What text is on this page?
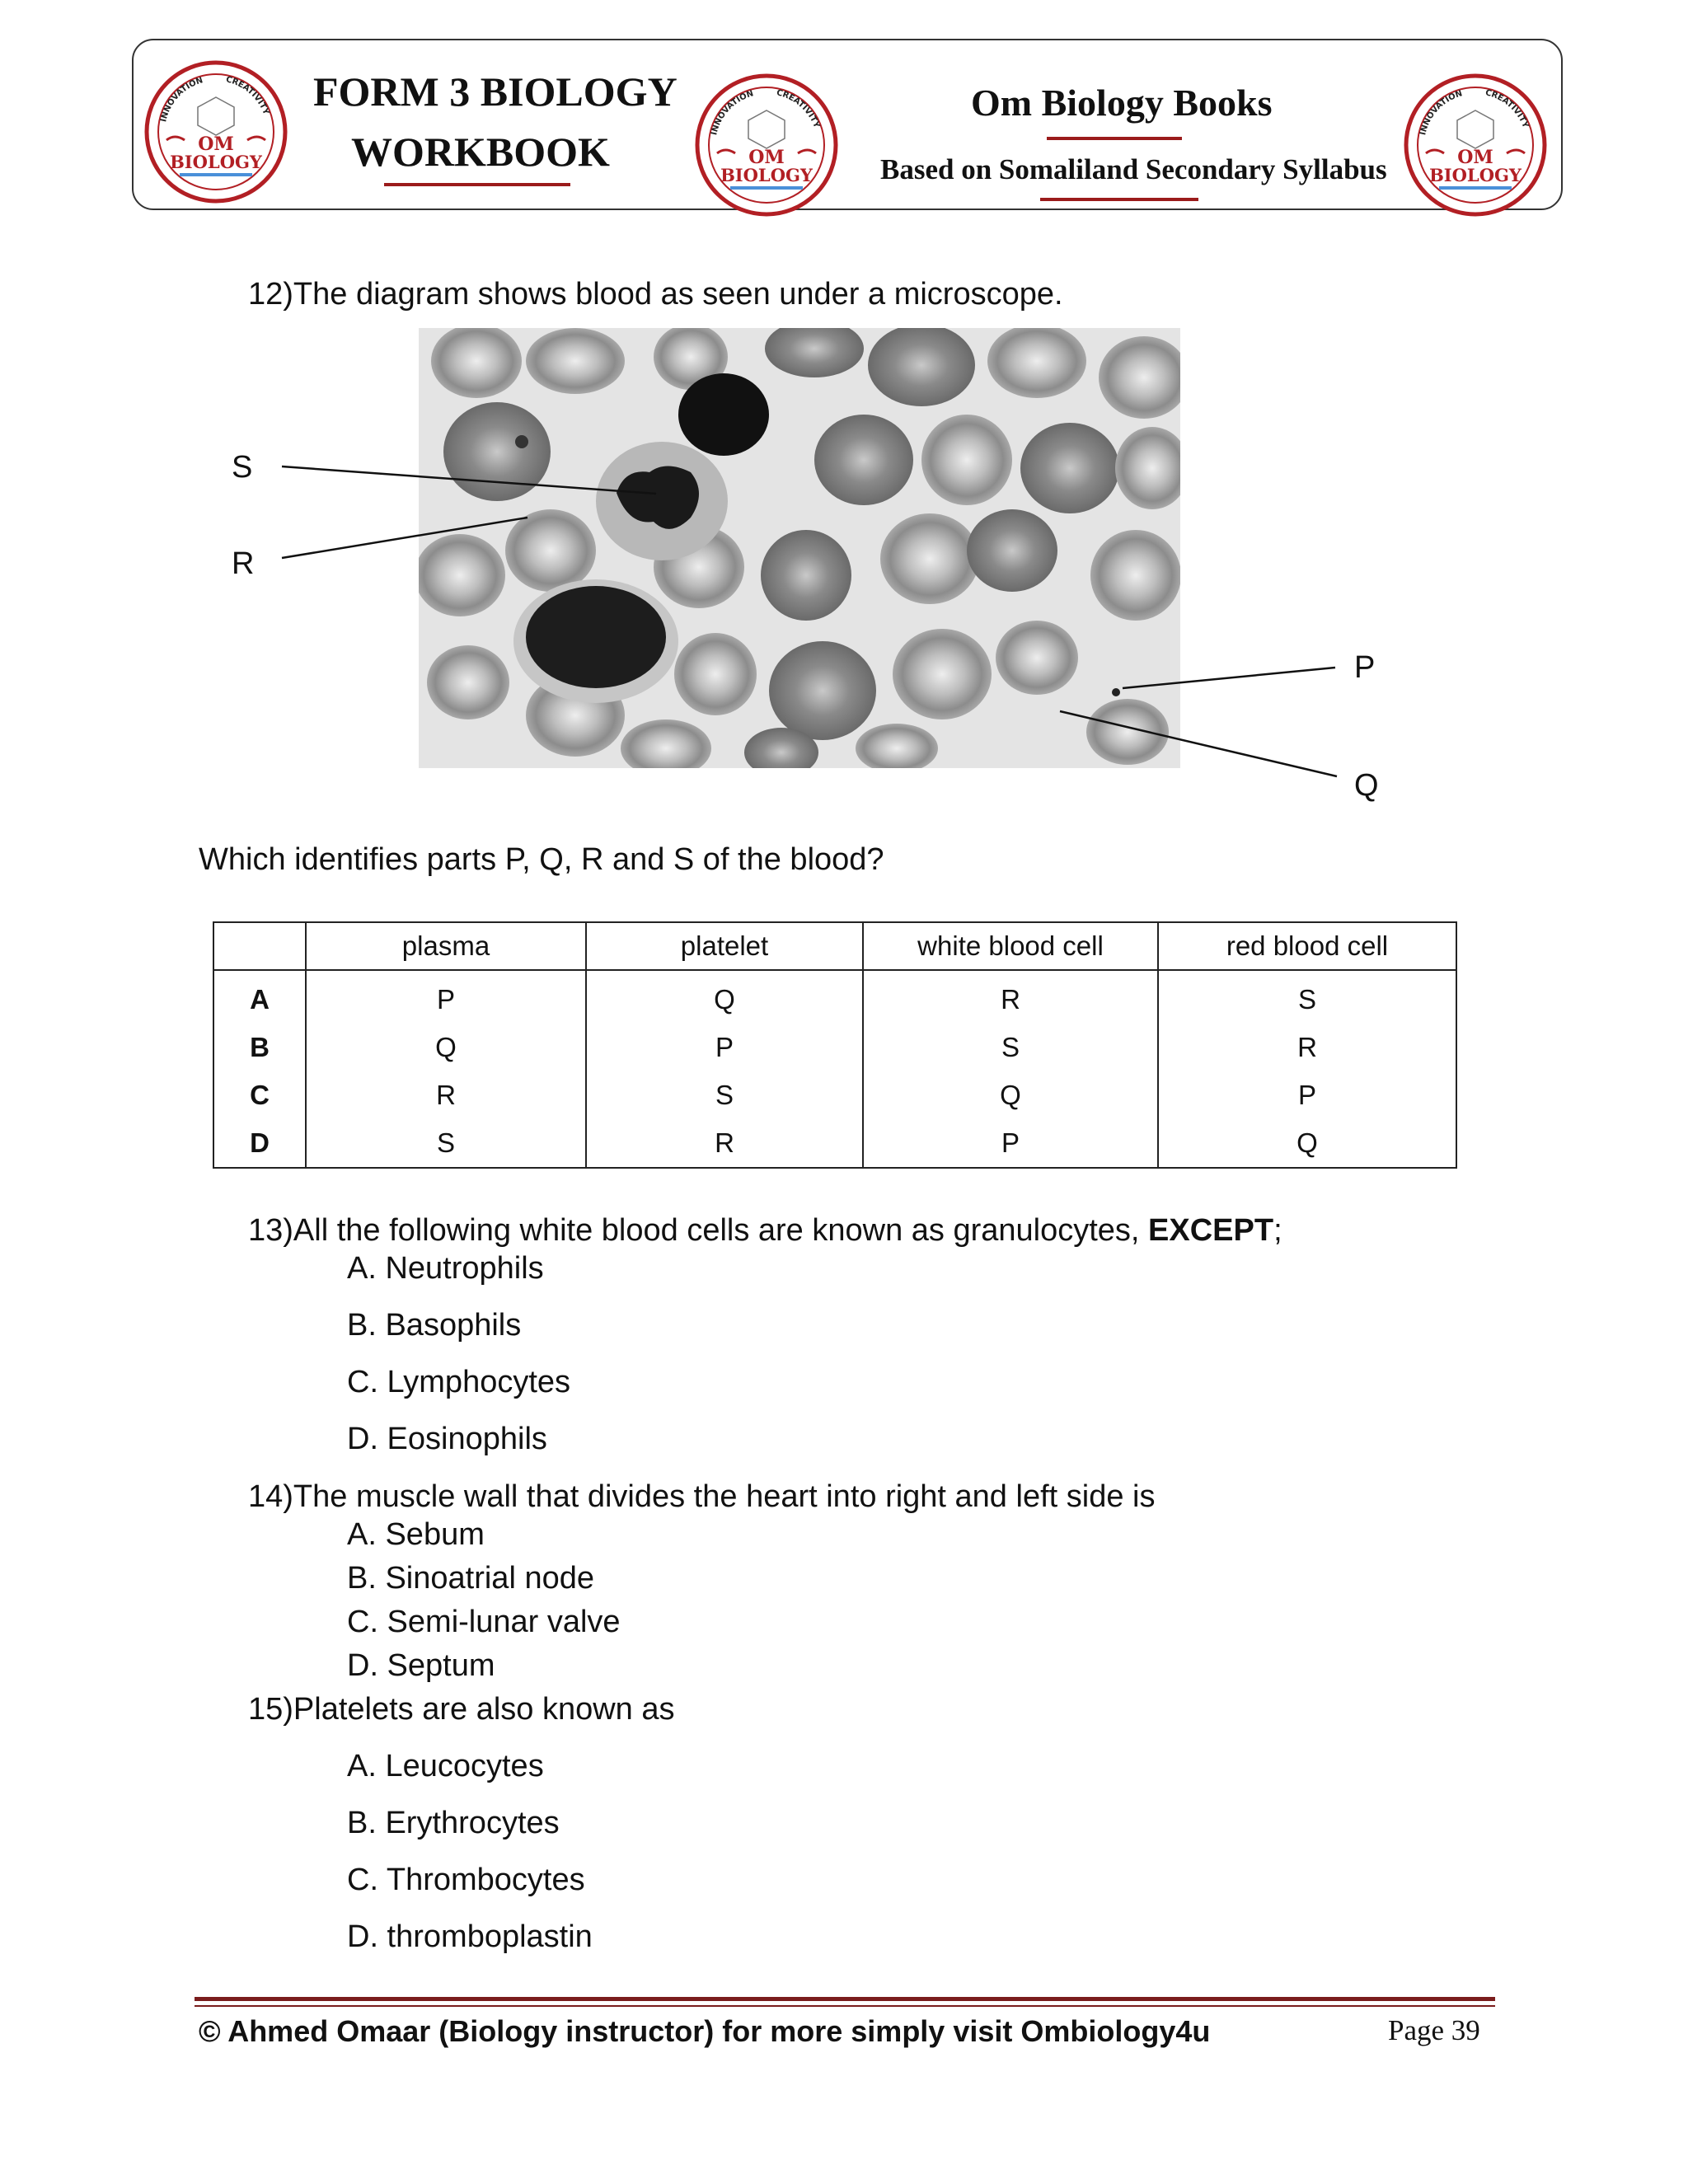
INNOVATION	CREATIVITY
OM
BIOLOGY
FORM 3 BIOLOGY
WORKBOOK	INNOVATION	CREATIVITY
OM
BIOLOGY
Om Biology Books
Based on Somaliland Secondary Syllabus
INNOVATION	CREATIVITY
OM
BIOLOGY
12)The diagram shows blood as seen under a microscope.
S
R
P
Q
Which identifies parts P, Q, R and S of the blood?
	plasma	platelet	white blood cell	red blood cell
A	P	Q	R	S
B	Q	P	S	R
C	R	S	Q	P
D	S	R	P	Q
13)All the following white blood cells are known as granulocytes, EXCEPT;
A. Neutrophils
B. Basophils
C. Lymphocytes
D. Eosinophils
14)The muscle wall that divides the heart into right and left side is
A. Sebum
B. Sinoatrial node
C. Semi-lunar valve
D. Septum
15)Platelets are also known as
A. Leucocytes
B. Erythrocytes
C. Thrombocytes
D. thromboplastin
© Ahmed Omaar (Biology instructor) for more simply visit Ombiology4u	Page 39
